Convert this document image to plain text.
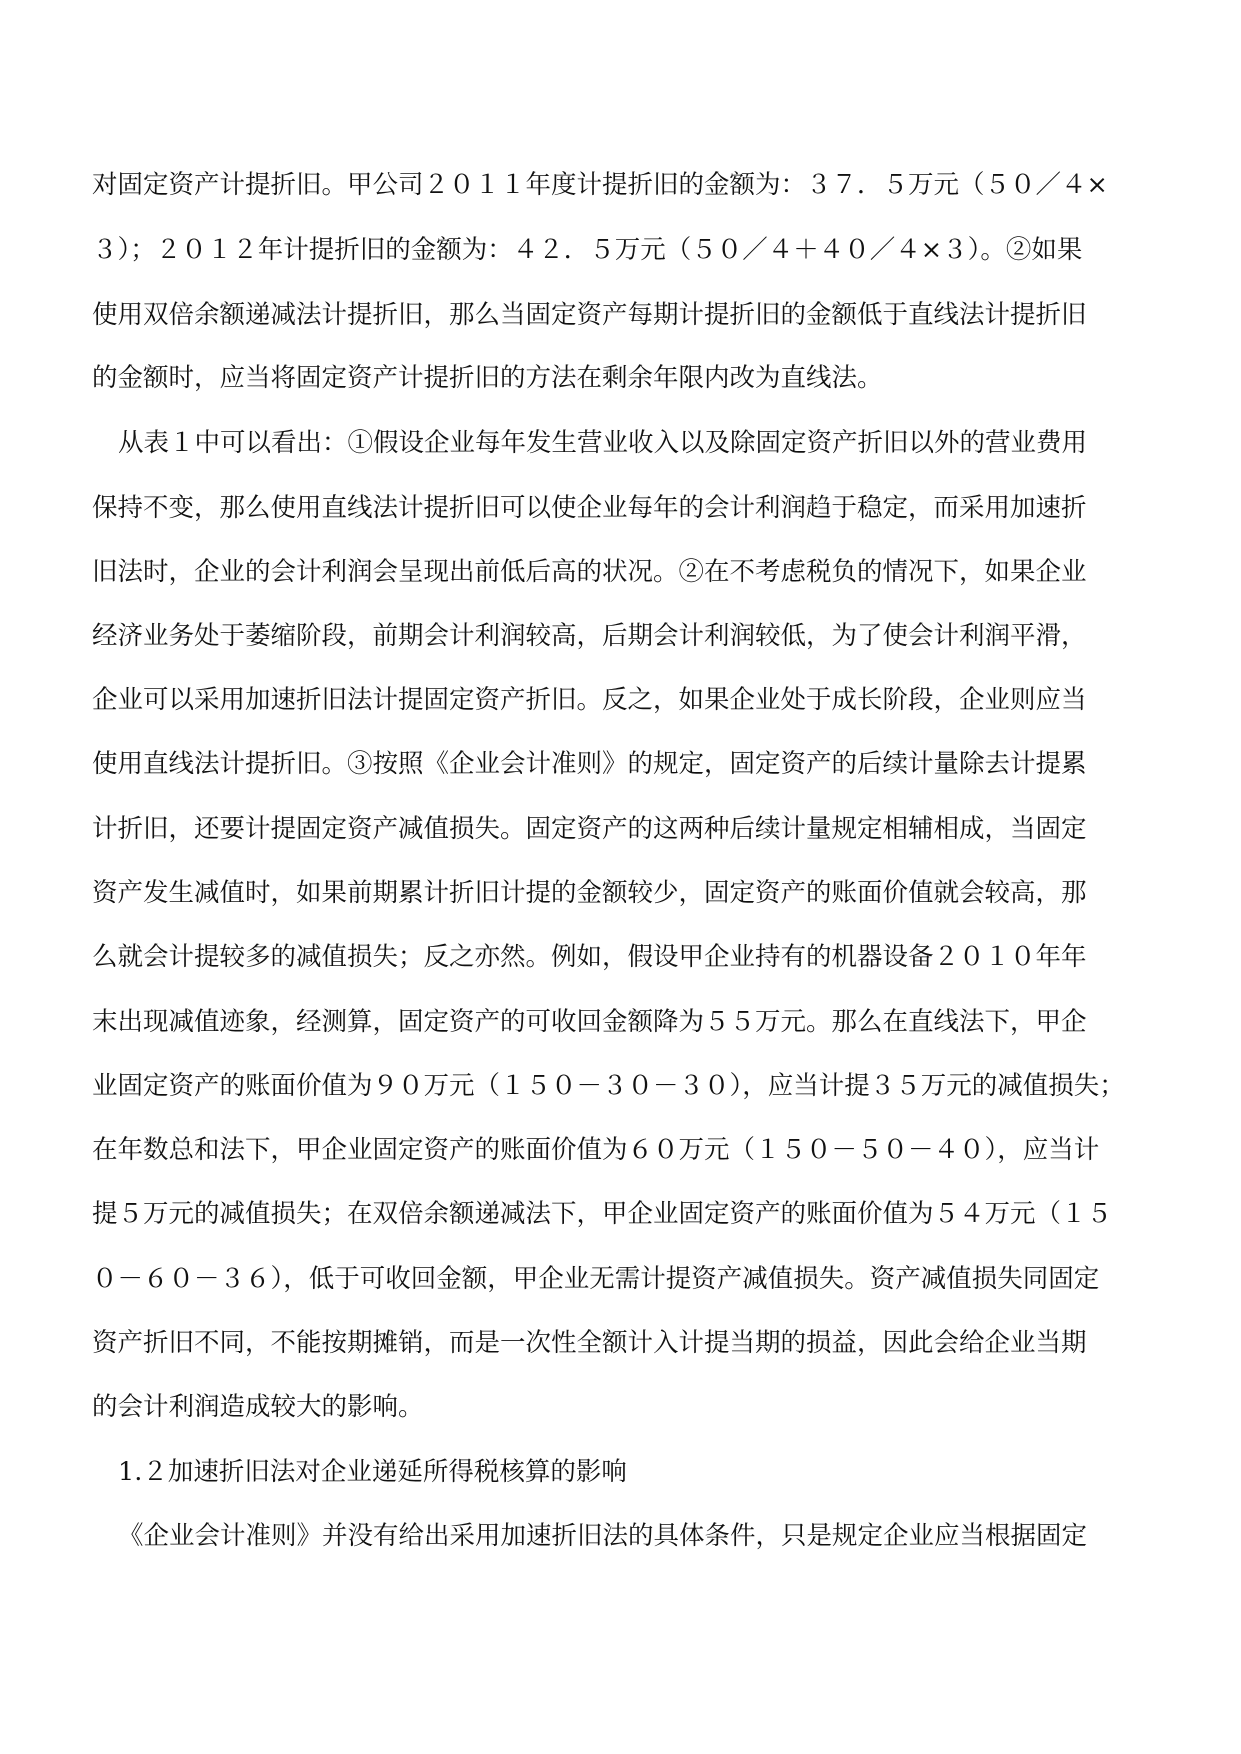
对固定资产计提折旧。甲公司２０１１年度计提折旧的金额为：３７．５万元（５０／４×
３）；２０１２年计提折旧的金额为：４２．５万元（５０／４＋４０／４×３）。②如果
使用双倍余额递减法计提折旧，那么当固定资产每期计提折旧的金额低于直线法计提折旧
的金额时，应当将固定资产计提折旧的方法在剩余年限内改为直线法。
从表１中可以看出：①假设企业每年发生营业收入以及除固定资产折旧以外的营业费用
保持不变，那么使用直线法计提折旧可以使企业每年的会计利润趋于稳定，而采用加速折
旧法时，企业的会计利润会呈现出前低后高的状况。②在不考虑税负的情况下，如果企业
经济业务处于萎缩阶段，前期会计利润较高，后期会计利润较低，为了使会计利润平滑，
企业可以采用加速折旧法计提固定资产折旧。反之，如果企业处于成长阶段，企业则应当
使用直线法计提折旧。③按照《企业会计准则》的规定，固定资产的后续计量除去计提累
计折旧，还要计提固定资产减值损失。固定资产的这两种后续计量规定相辅相成，当固定
资产发生减值时，如果前期累计折旧计提的金额较少，固定资产的账面价值就会较高，那
么就会计提较多的减值损失；反之亦然。例如，假设甲企业持有的机器设备２０１０年年
末出现减值迹象，经测算，固定资产的可收回金额降为５５万元。那么在直线法下，甲企
业固定资产的账面价值为９０万元（１５０－３０－３０），应当计提３５万元的减值损失；
在年数总和法下，甲企业固定资产的账面价值为６０万元（１５０－５０－４０），应当计
提５万元的减值损失；在双倍余额递减法下，甲企业固定资产的账面价值为５４万元（１５
０－６０－３６），低于可收回金额，甲企业无需计提资产减值损失。资产减值损失同固定
资产折旧不同，不能按期摊销，而是一次性全额计入计提当期的损益，因此会给企业当期
的会计利润造成较大的影响。
1.２加速折旧法对企业递延所得税核算的影响
《企业会计准则》并没有给出采用加速折旧法的具体条件，只是规定企业应当根据固定
